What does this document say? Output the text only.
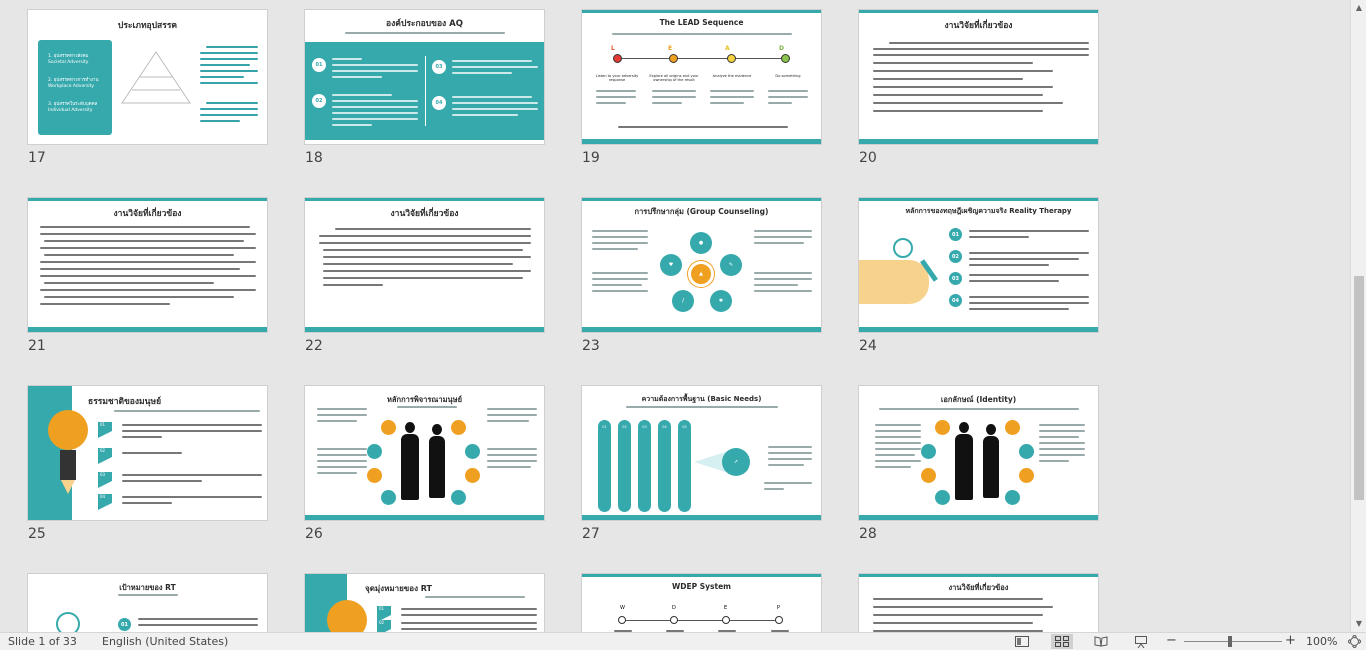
ประเภทอุปสรรค
1. อุปสรรคทางสังคม Societal Adversity
2. อุปสรรคทางการทำงาน Workplace Adversity
3. อุปสรรคในระดับบุคคล Individual Adversity
17
องค์ประกอบของ AQ
01
02
03
04
18
The LEAD Sequence
L	E	A	D
Listen to your adversity response
Explore all origins and your ownership of the result
Analyze the evidence	Do something
19
งานวิจัยที่เกี่ยวข้อง
20
งานวิจัยที่เกี่ยวข้อง
21
งานวิจัยที่เกี่ยวข้อง
22
การปรึกษากลุ่ม (Group Counseling)
●
♥	✎
/	✱
▲
23
หลักการของทฤษฎีเผชิญความจริง Reality Therapy
01
02
03
04
24
ธรรมชาติของมนุษย์
01
02
03
04
25
หลักการพิจารณามนุษย์
26
ความต้องการพื้นฐาน (Basic Needs)
01	02	03	04	05
➚
27
เอกลักษณ์ (Identity)
28
เป้าหมายของ RT
01
จุดมุ่งหมายของ RT
01
02
WDEP System
W	D	E	P
งานวิจัยที่เกี่ยวข้อง
▲
▼
Slide 1 of 33 English (United States)	−	+ 100%
